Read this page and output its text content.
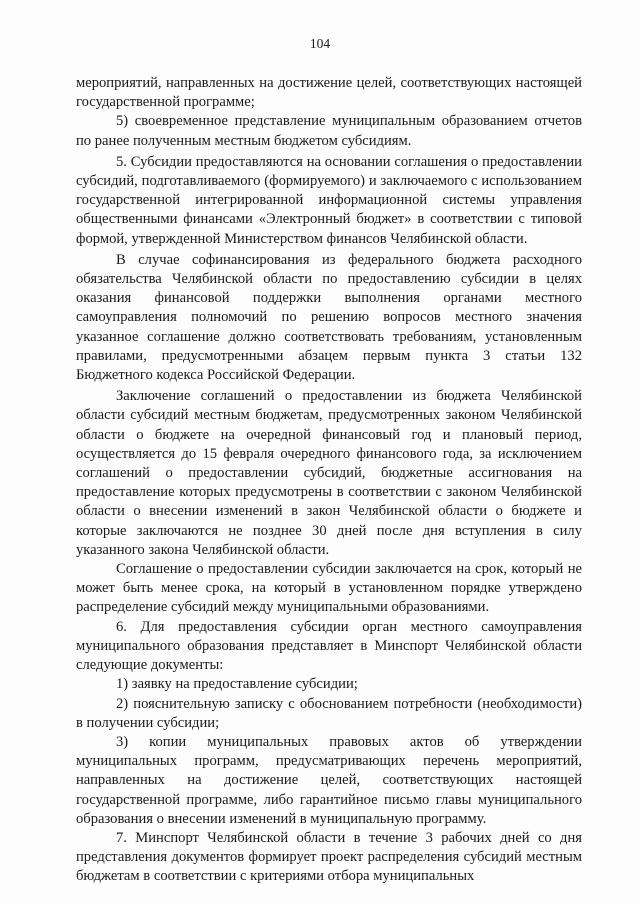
104

мероприятий, направленных на достижение целей, соответствующих настоящей государственной программе;

5) своевременное представление муниципальным образованием отчетов по ранее полученным местным бюджетом субсидиям.

5. Субсидии предоставляются на основании соглашения о предоставлении субсидий, подготавливаемого (формируемого) и заключаемого с использованием государственной интегрированной информационной системы управления общественными финансами «Электронный бюджет» в соответствии с типовой формой, утвержденной Министерством финансов Челябинской области.

В случае софинансирования из федерального бюджета расходного обязательства Челябинской области по предоставлению субсидии в целях оказания финансовой поддержки выполнения органами местного самоуправления полномочий по решению вопросов местного значения указанное соглашение должно соответствовать требованиям, установленным правилами, предусмотренными абзацем первым пункта 3 статьи 132 Бюджетного кодекса Российской Федерации.

Заключение соглашений о предоставлении из бюджета Челябинской области субсидий местным бюджетам, предусмотренных законом Челябинской области о бюджете на очередной финансовый год и плановый период, осуществляется до 15 февраля очередного финансового года, за исключением соглашений о предоставлении субсидий, бюджетные ассигнования на предоставление которых предусмотрены в соответствии с законом Челябинской области о внесении изменений в закон Челябинской области о бюджете и которые заключаются не позднее 30 дней после дня вступления в силу указанного закона Челябинской области.

Соглашение о предоставлении субсидии заключается на срок, который не может быть менее срока, на который в установленном порядке утверждено распределение субсидий между муниципальными образованиями.

6. Для предоставления субсидии орган местного самоуправления муниципального образования представляет в Минспорт Челябинской области следующие документы:

1) заявку на предоставление субсидии;

2) пояснительную записку с обоснованием потребности (необходимости) в получении субсидии;

3) копии муниципальных правовых актов об утверждении муниципальных программ, предусматривающих перечень мероприятий, направленных на достижение целей, соответствующих настоящей государственной программе, либо гарантийное письмо главы муниципального образования о внесении изменений в муниципальную программу.

7. Минспорт Челябинской области в течение 3 рабочих дней со дня представления документов формирует проект распределения субсидий местным бюджетам в соответствии с критериями отбора муниципальных
